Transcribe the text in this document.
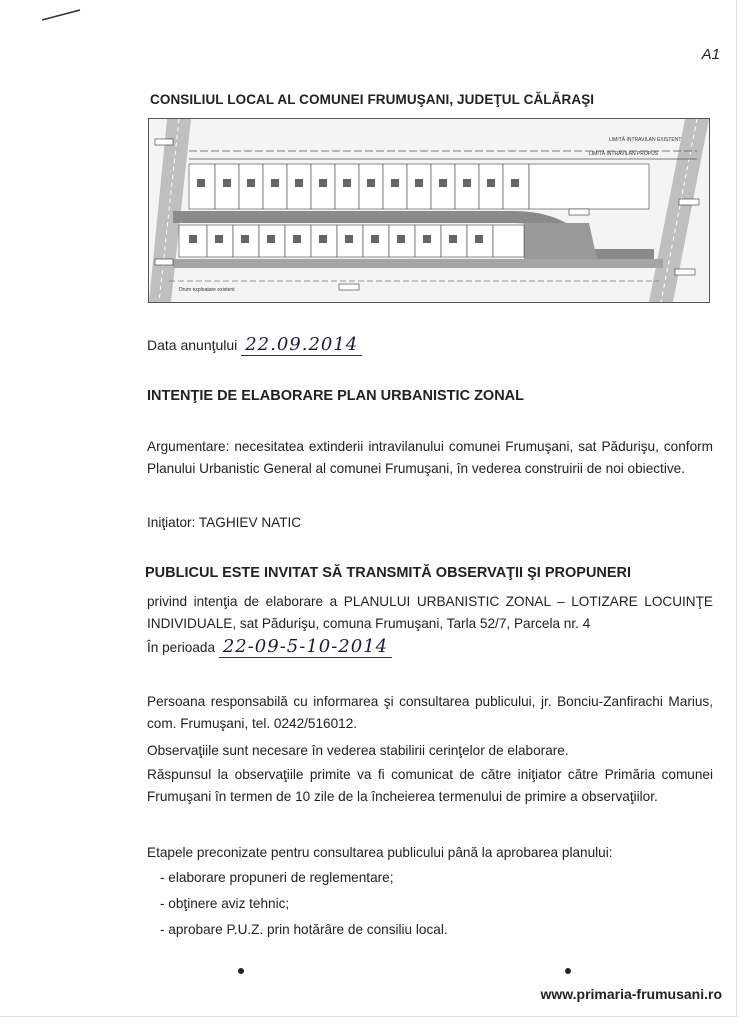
A1
CONSILIUL LOCAL AL COMUNEI FRUMUŞANI, JUDEŢUL CĂLĂRAŞI
LIMITĂ INTRAVILAN EXISTENT
LIMITĂ INTRAVILAN PROPUS
Drum exploatare existent
Data anunţului 22.09.2014
INTENŢIE DE ELABORARE PLAN URBANISTIC ZONAL
Argumentare: necesitatea extinderii intravilanului comunei Frumuşani, sat Pădurişu, conform Planului Urbanistic General al comunei Frumuşani, în vederea construirii de noi obiective.
Iniţiator: TAGHIEV NATIC
PUBLICUL ESTE INVITAT SĂ TRANSMITĂ OBSERVAŢII ŞI PROPUNERI
privind intenţia de elaborare a PLANULUI URBANISTIC ZONAL – LOTIZARE LOCUINŢE INDIVIDUALE, sat Pădurişu, comuna Frumuşani, Tarla 52/7, Parcela nr. 4
În perioada 22-09-5-10-2014
Persoana responsabilă cu informarea şi consultarea publicului, jr. Bonciu-Zanfirachi Marius, com. Frumuşani, tel. 0242/516012.
Observaţiile sunt necesare în vederea stabilirii cerinţelor de elaborare.
Răspunsul la observaţiile primite va fi comunicat de către iniţiator către Primăria comunei Frumuşani în termen de 10 zile de la încheierea termenului de primire a observaţiilor.
Etapele preconizate pentru consultarea publicului până la aprobarea planului:
- elaborare propuneri de reglementare;
- obţinere aviz tehnic;
- aprobare P.U.Z. prin hotărâre de consiliu local.
www.primaria-frumusani.ro
